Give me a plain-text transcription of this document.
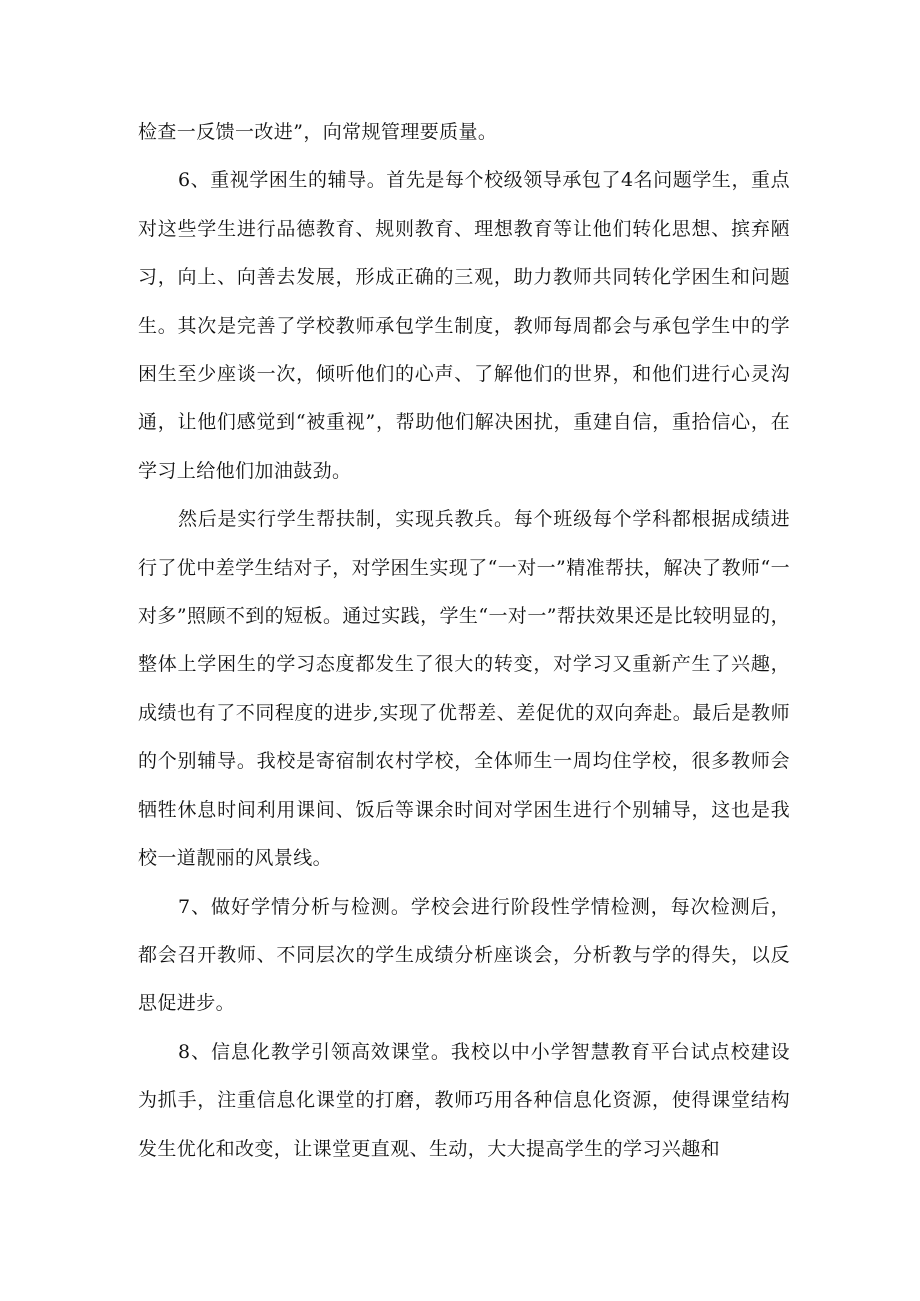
检查一反馈一改进”，向常规管理要质量。

6、重视学困生的辅导。首先是每个校级领导承包了4名问题学生，重点对这些学生进行品德教育、规则教育、理想教育等让他们转化思想、摈弃陋习，向上、向善去发展，形成正确的三观，助力教师共同转化学困生和问题生。其次是完善了学校教师承包学生制度，教师每周都会与承包学生中的学困生至少座谈一次，倾听他们的心声、了解他们的世界，和他们进行心灵沟通，让他们感觉到“被重视”，帮助他们解决困扰，重建自信，重拾信心，在学习上给他们加油鼓劲。

然后是实行学生帮扶制，实现兵教兵。每个班级每个学科都根据成绩进行了优中差学生结对子，对学困生实现了“一对一”精准帮扶，解决了教师“一对多”照顾不到的短板。通过实践，学生“一对一”帮扶效果还是比较明显的，整体上学困生的学习态度都发生了很大的转变，对学习又重新产生了兴趣，成绩也有了不同程度的进步,实现了优帮差、差促优的双向奔赴。最后是教师的个别辅导。我校是寄宿制农村学校，全体师生一周均住学校，很多教师会牺牲休息时间利用课间、饭后等课余时间对学困生进行个别辅导，这也是我校一道靓丽的风景线。

7、做好学情分析与检测。学校会进行阶段性学情检测，每次检测后，都会召开教师、不同层次的学生成绩分析座谈会，分析教与学的得失，以反思促进步。

8、信息化教学引领高效课堂。我校以中小学智慧教育平台试点校建设为抓手，注重信息化课堂的打磨，教师巧用各种信息化资源，使得课堂结构发生优化和改变，让课堂更直观、生动，大大提高学生的学习兴趣和
